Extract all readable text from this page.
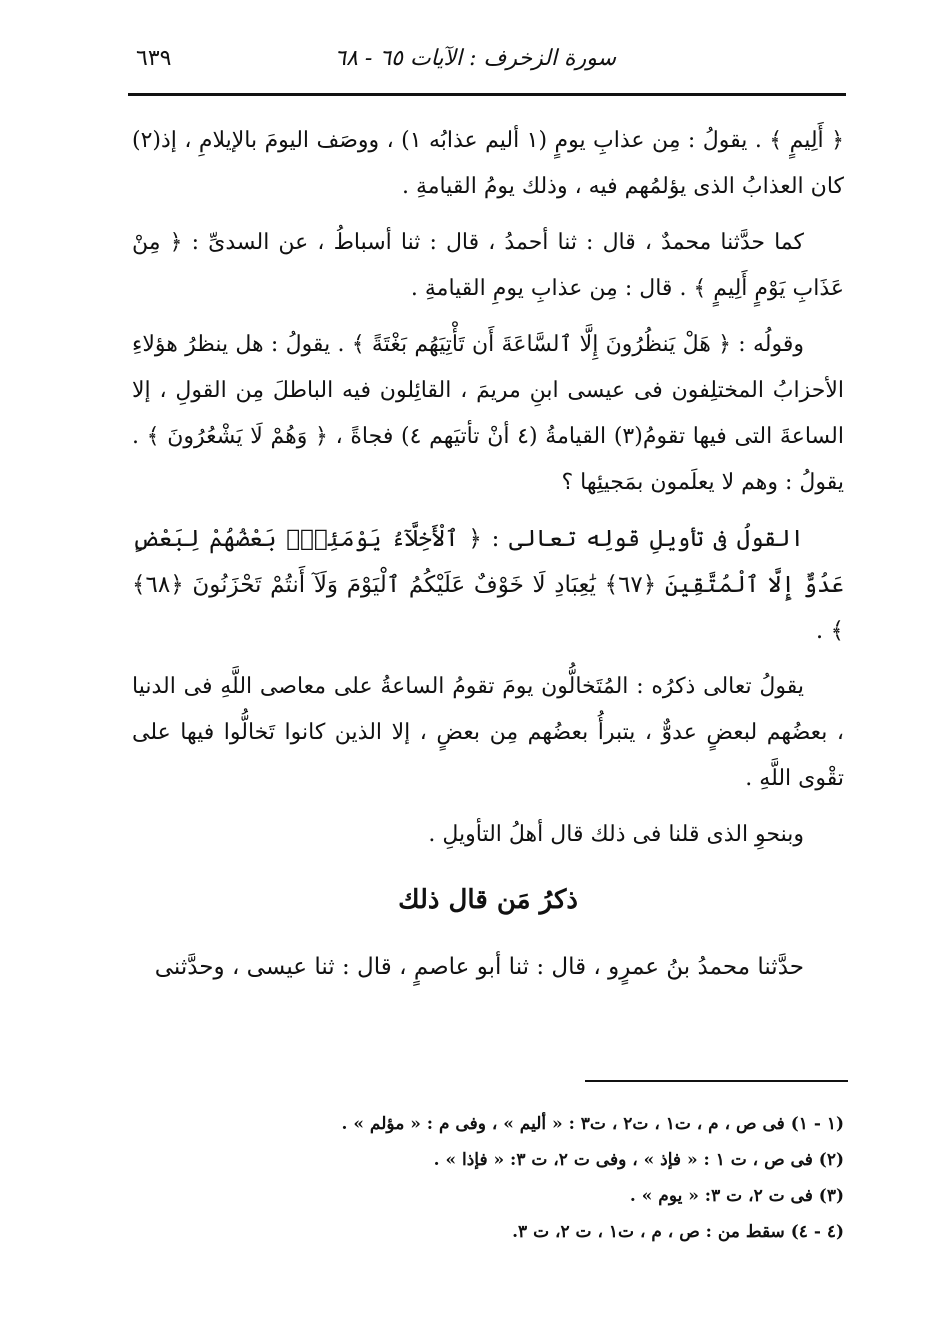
سورة الزخرف : الآيات ٦٥ - ٦٨
٦٣٩

﴿ أَلِيمٍ ﴾ . يقولُ : مِن عذابِ يومٍ (١ أليم عذابُه ١) ، ووصَف اليومَ بالإيلامِ ، إذ(٢) كان العذابُ الذى يؤلمُهم فيه ، وذلك يومُ القيامةِ .

كما حدَّثنا محمدٌ ، قال : ثنا أحمدُ ، قال : ثنا أسباطُ ، عن السدىِّ : ﴿ مِنْ عَذَابِ يَوْمٍ أَلِيمٍ ﴾ . قال : مِن عذابِ يومِ القيامةِ .

وقولُه : ﴿ هَلْ يَنظُرُونَ إِلَّا ٱلسَّاعَةَ أَن تَأْتِيَهُم بَغْتَةً ﴾ . يقولُ : هل ينظرُ هؤلاءِ الأحزابُ المختلِفون فى عيسى ابنِ مريمَ ، القائِلون فيه الباطلَ مِن القولِ ، إلا الساعةَ التى فيها تقومُ(٣) القيامةُ (٤ أنْ تأتيَهم ٤) فجاةً ، ﴿ وَهُمْ لَا يَشْعُرُونَ ﴾ . يقولُ : وهم لا يعلَمون بمَجيئِها ؟

القولُ فى تأويلِ قولِه تعالى : ﴿ ٱلْأَخِلَّآءُ يَوْمَئِذٍۭ بَعْضُهُمْ لِبَعْضٍ عَدُوٌّ إِلَّا ٱلْمُتَّقِينَ ﴿٦٧﴾ يَٰعِبَادِ لَا خَوْفٌ عَلَيْكُمُ ٱلْيَوْمَ وَلَآ أَنتُمْ تَحْزَنُونَ ﴿٦٨﴾ ﴾ .

يقولُ تعالى ذكرُه : المُتَخالُّون يومَ تقومُ الساعةُ على معاصى اللَّهِ فى الدنيا ، بعضُهم لبعضٍ عدوٌّ ، يتبرأُ بعضُهم مِن بعضٍ ، إلا الذين كانوا تَخالُّوا فيها على تقْوى اللَّهِ .

وبنحوِ الذى قلنا فى ذلك قال أهلُ التأويلِ .

ذكرُ مَن قال ذلك

حدَّثنا محمدُ بنُ عمرٍو ، قال : ثنا أبو عاصمٍ ، قال : ثنا عيسى ، وحدَّثنى

(١ - ١) فى ص ، م ، ت١ ، ت٢ ، ت٣ : « أليم » ، وفى م : « مؤلم » .

(٢) فى ص ، ت ١ : « فإذ » ، وفى ت ٢، ت ٣: « فإذا » .

(٣) فى ت ٢، ت ٣: « يوم » .

(٤ - ٤) سقط من : ص ، م ، ت١ ، ت ٢، ت ٣.
